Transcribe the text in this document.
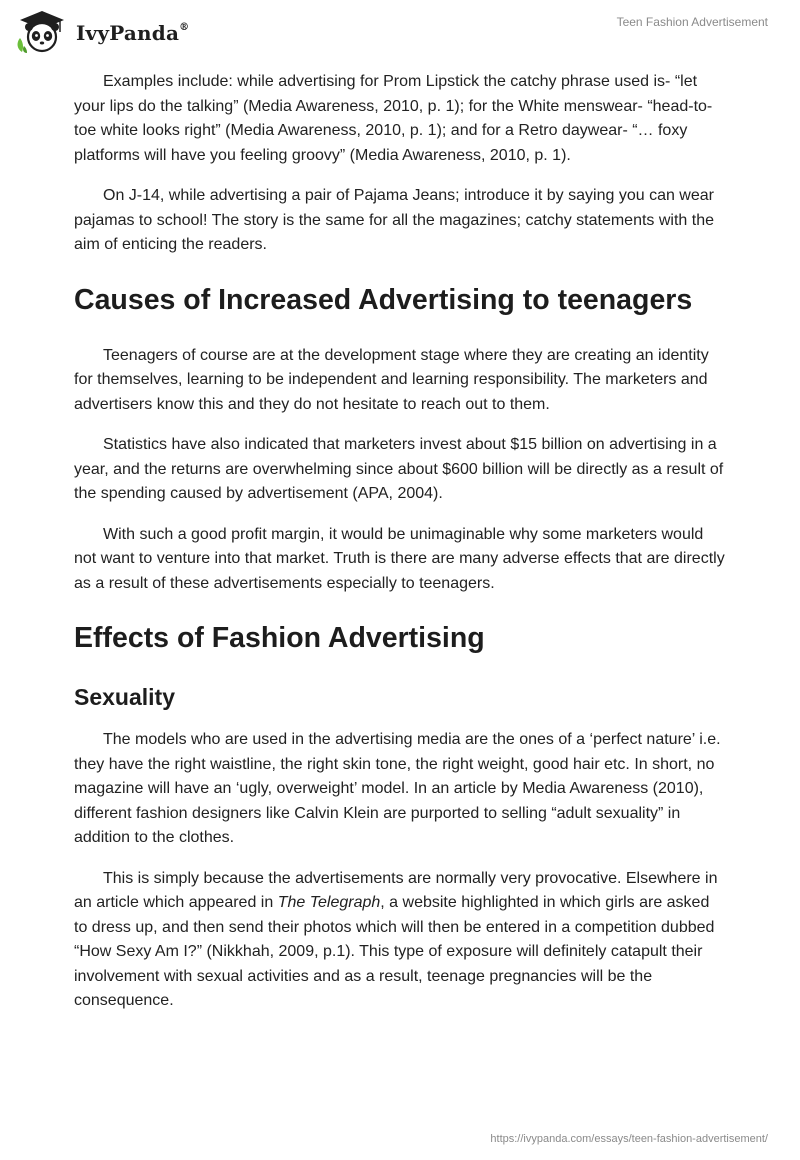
IvyPanda®	Teen Fashion Advertisement

Examples include: while advertising for Prom Lipstick the catchy phrase used is- “let your lips do the talking” (Media Awareness, 2010, p. 1); for the White menswear- “head-to-toe white looks right” (Media Awareness, 2010, p. 1); and for a Retro daywear- “… foxy platforms will have you feeling groovy” (Media Awareness, 2010, p. 1).

On J-14, while advertising a pair of Pajama Jeans; introduce it by saying you can wear pajamas to school! The story is the same for all the magazines; catchy statements with the aim of enticing the readers.

Causes of Increased Advertising to teenagers

Teenagers of course are at the development stage where they are creating an identity for themselves, learning to be independent and learning responsibility. The marketers and advertisers know this and they do not hesitate to reach out to them.

Statistics have also indicated that marketers invest about $15 billion on advertising in a year, and the returns are overwhelming since about $600 billion will be directly as a result of the spending caused by advertisement (APA, 2004).

With such a good profit margin, it would be unimaginable why some marketers would not want to venture into that market. Truth is there are many adverse effects that are directly as a result of these advertisements especially to teenagers.

Effects of Fashion Advertising
Sexuality

The models who are used in the advertising media are the ones of a ‘perfect nature’ i.e. they have the right waistline, the right skin tone, the right weight, good hair etc. In short, no magazine will have an ‘ugly, overweight’ model. In an article by Media Awareness (2010), different fashion designers like Calvin Klein are purported to selling “adult sexuality” in addition to the clothes.

This is simply because the advertisements are normally very provocative. Elsewhere in an article which appeared in The Telegraph, a website highlighted in which girls are asked to dress up, and then send their photos which will then be entered in a competition dubbed “How Sexy Am I?” (Nikkhah, 2009, p.1). This type of exposure will definitely catapult their involvement with sexual activities and as a result, teenage pregnancies will be the consequence.

https://ivypanda.com/essays/teen-fashion-advertisement/
